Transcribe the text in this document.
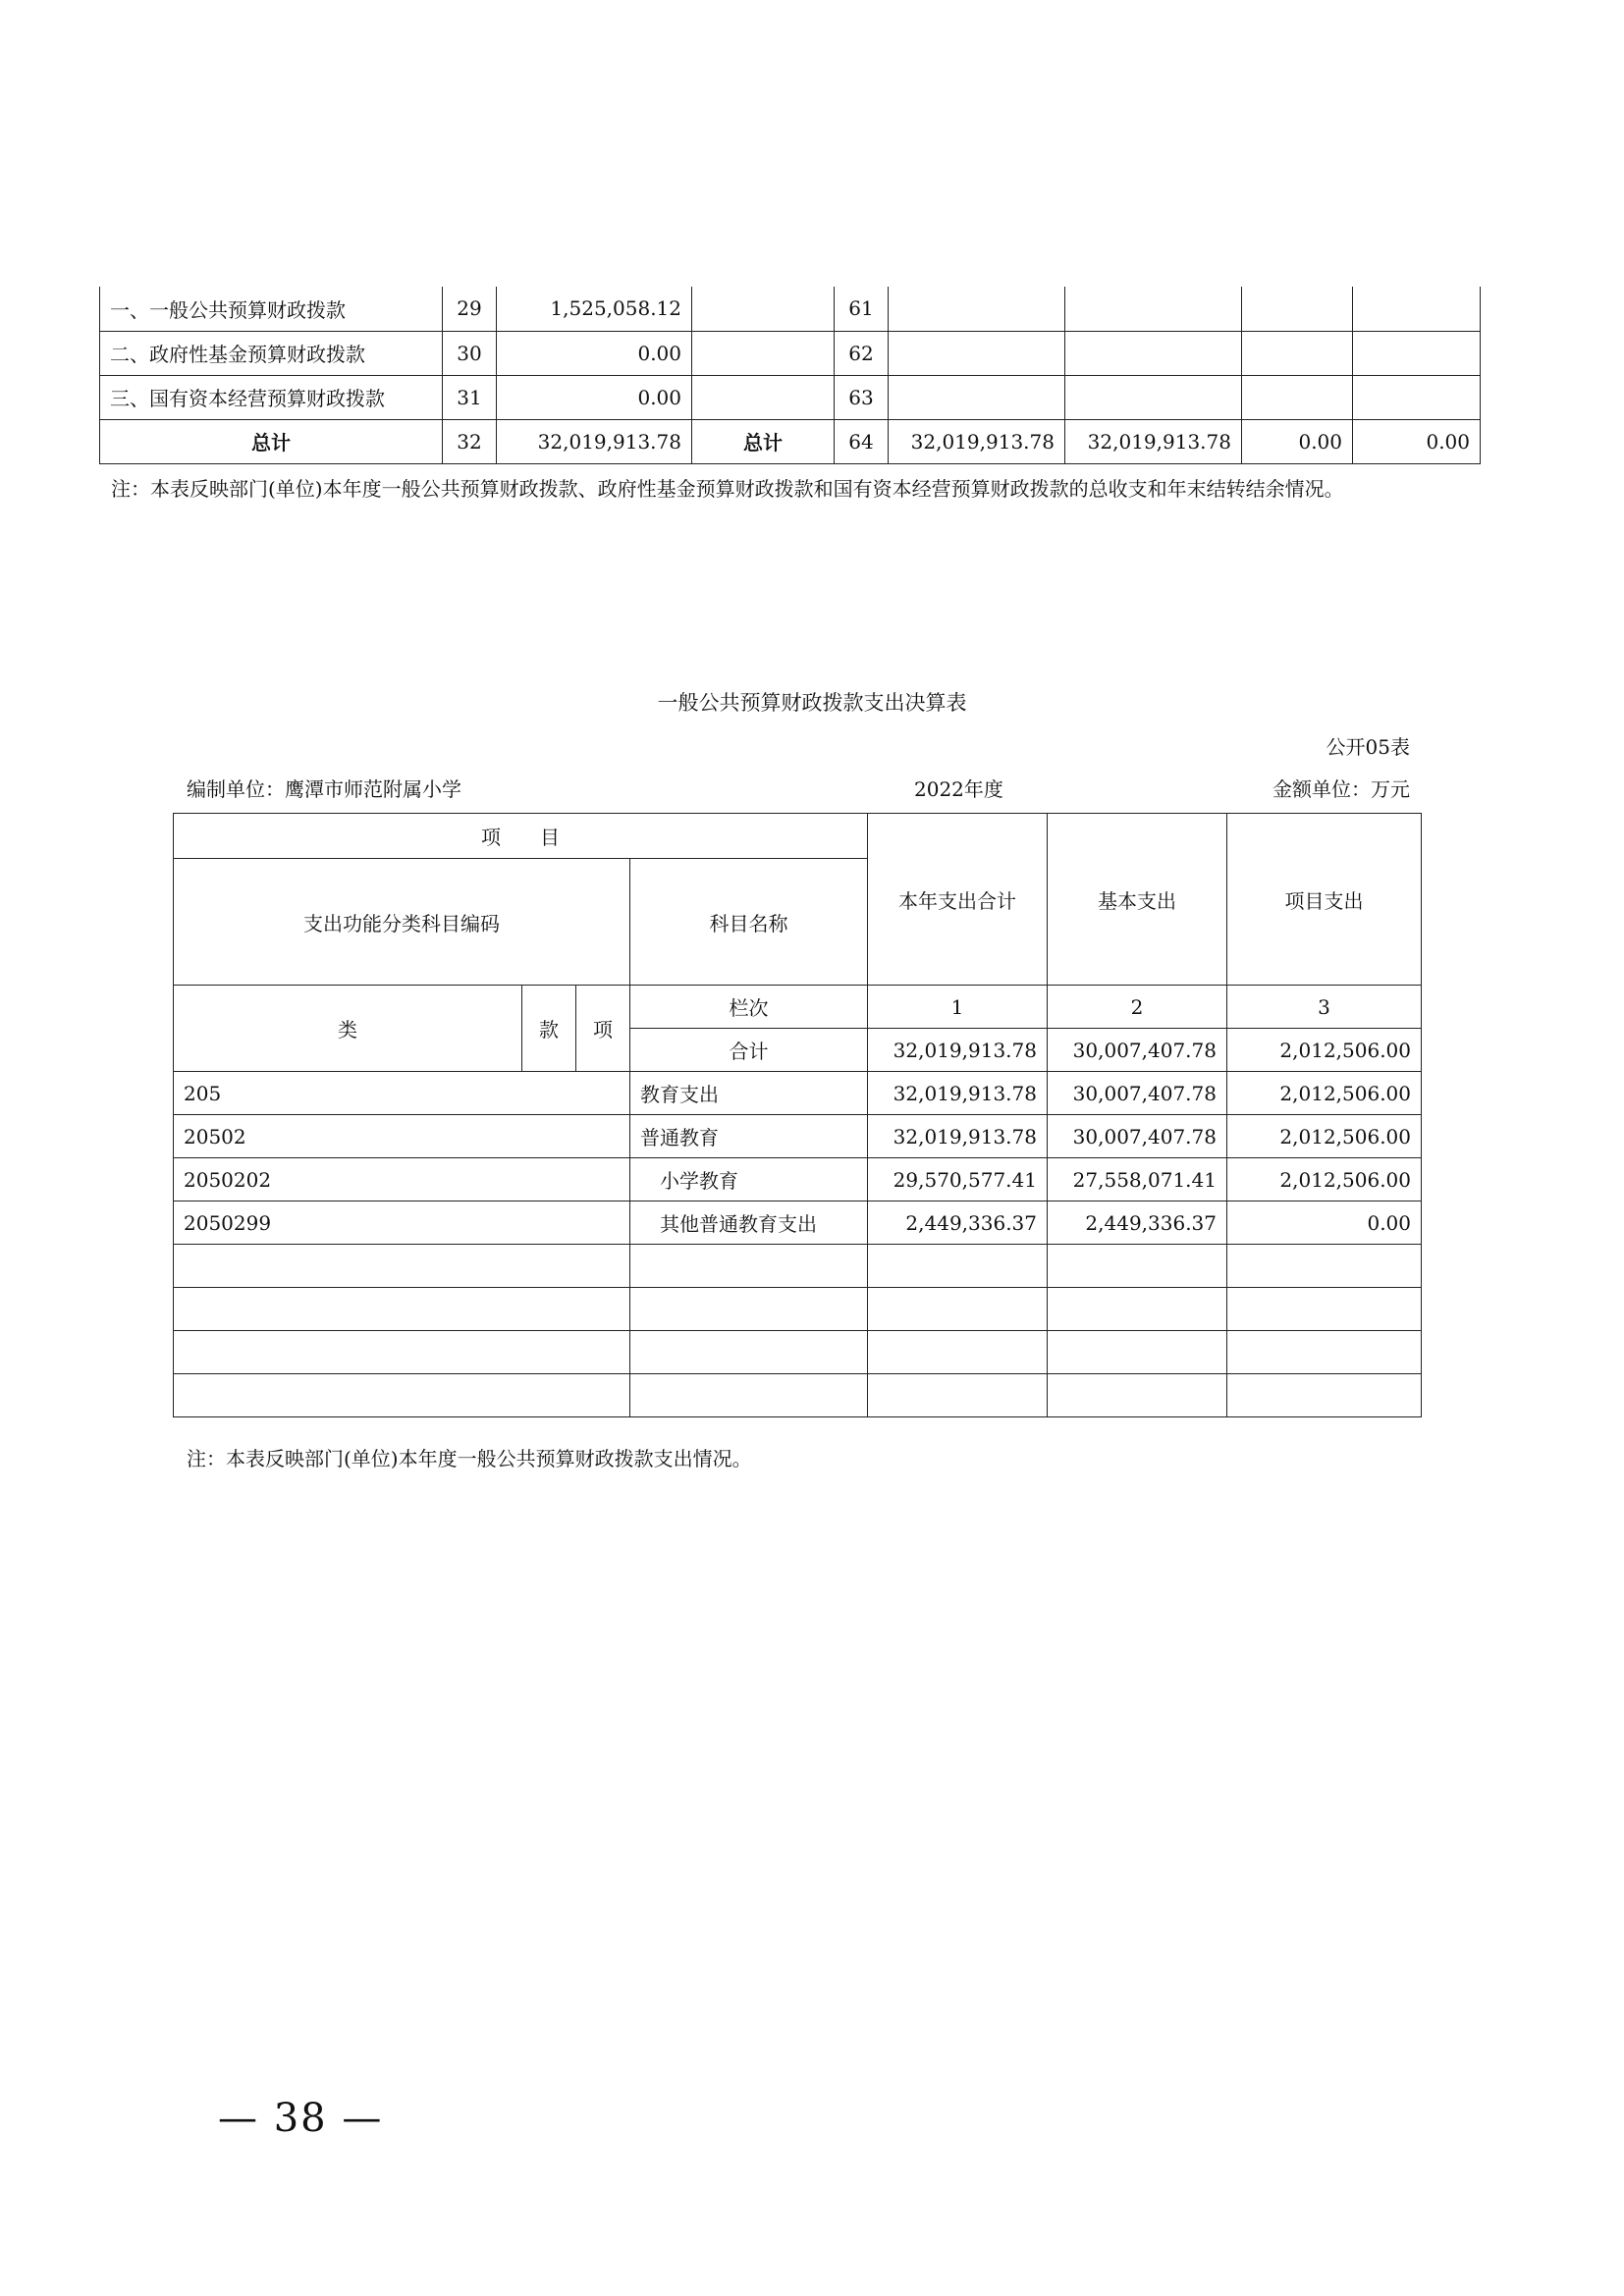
一、一般公共预算财政拨款	29	1,525,058.12		61				
二、政府性基金预算财政拨款	30	0.00		62				
三、国有资本经营预算财政拨款	31	0.00		63				
总计	32	32,019,913.78	总计	64	32,019,913.78	32,019,913.78	0.00	0.00
注：本表反映部门(单位)本年度一般公共预算财政拨款、政府性基金预算财政拨款和国有资本经营预算财政拨款的总收支和年末结转结余情况。
一般公共预算财政拨款支出决算表
公开05表
编制单位：鹰潭市师范附属小学	2022年度	金额单位：万元
项　　目				本年支出合计	基本支出	项目支出
支出功能分类科目编码			科目名称			
类	款	项	栏次	1	2	3
			合计	32,019,913.78	30,007,407.78	2,012,506.00
205			教育支出	32,019,913.78	30,007,407.78	2,012,506.00
20502			普通教育	32,019,913.78	30,007,407.78	2,012,506.00
2050202			　小学教育	29,570,577.41	27,558,071.41	2,012,506.00
2050299			　其他普通教育支出	2,449,336.37	2,449,336.37	0.00

注：本表反映部门(单位)本年度一般公共预算财政拨款支出情况。
— 38 —
